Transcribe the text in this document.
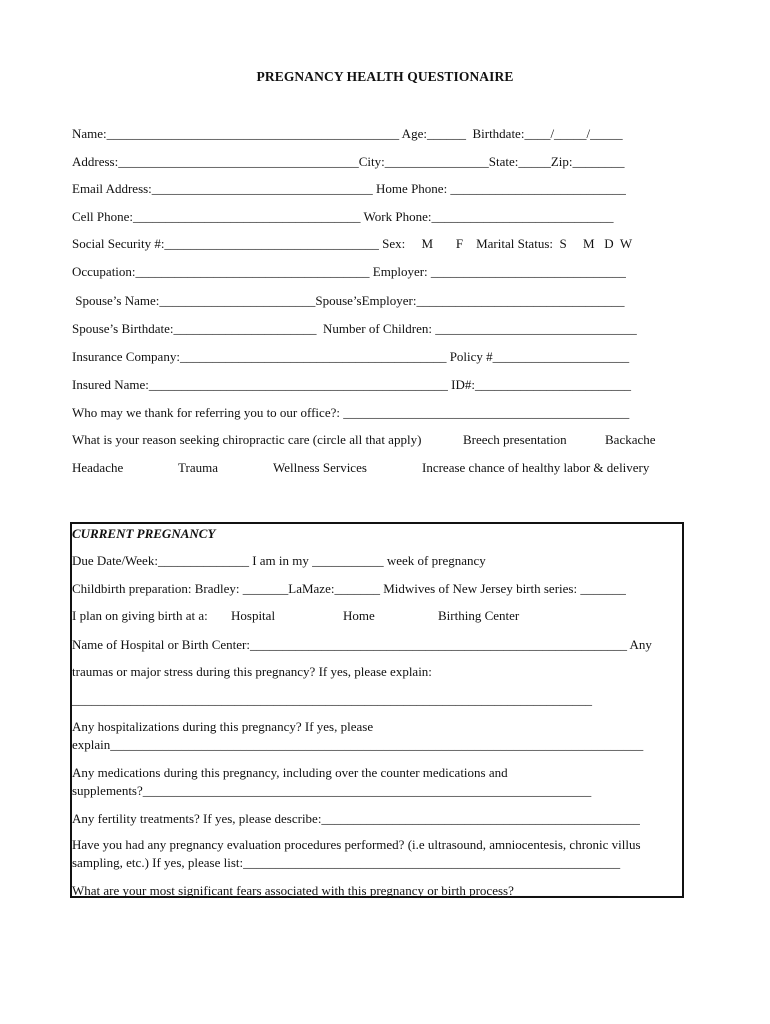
PREGNANCY HEALTH QUESTIONAIRE
Name:_____________________________________________ Age:______  Birthdate:____/_____/_____
Address:_____________________________________City:________________State:_____Zip:________
Email Address:__________________________________ Home Phone: ___________________________
Cell Phone:___________________________________ Work Phone:____________________________
Social Security #:_________________________________ Sex:     M       F    Marital Status:  S     M   D  W
Occupation:____________________________________ Employer: ______________________________
Spouse’s Name:________________________Spouse’sEmployer:________________________________
Spouse’s Birthdate:______________________  Number of Children: _______________________________
Insurance Company:_________________________________________ Policy #_____________________
Insured Name:______________________________________________ ID#:________________________
Who may we thank for referring you to our office?: ____________________________________________
What is your reason seeking chiropractic care (circle all that apply)	Breech presentation	Backache
Headache	Trauma	Wellness Services	Increase chance of healthy labor & delivery
CURRENT PREGNANCY
Due Date/Week:______________ I am in my ___________ week of pregnancy
Childbirth preparation: Bradley: _______LaMaze:_______ Midwives of New Jersey birth series: _______
I plan on giving birth at a: Hospital	Home	Birthing Center
Name of Hospital or Birth Center:__________________________________________________________ Any
traumas or major stress during this pregnancy? If yes, please explain:
________________________________________________________________________________
Any hospitalizations during this pregnancy? If yes, please
explain__________________________________________________________________________________
Any medications during this pregnancy, including over the counter medications and
supplements?_____________________________________________________________________
Any fertility treatments? If yes, please describe:_________________________________________________
Have you had any pregnancy evaluation procedures performed? (i.e ultrasound, amniocentesis, chronic villus
sampling, etc.) If yes, please list:__________________________________________________________
What are your most significant fears associated with this pregnancy or birth process?________________
